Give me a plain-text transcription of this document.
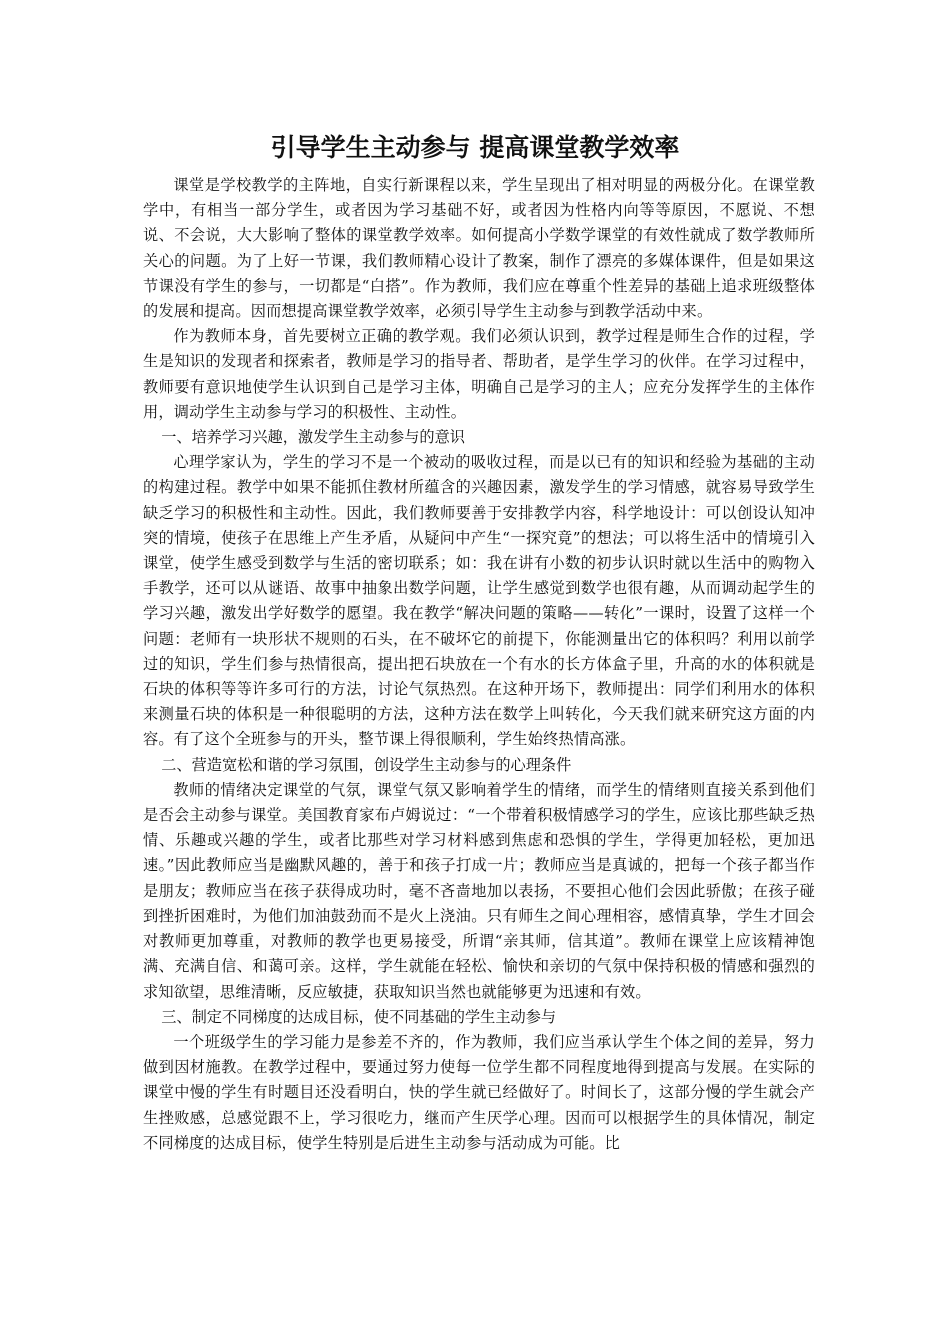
引导学生主动参与 提高课堂教学效率

课堂是学校教学的主阵地，自实行新课程以来，学生呈现出了相对明显的两极分化。在课堂教学中，有相当一部分学生，或者因为学习基础不好，或者因为性格内向等等原因，不愿说、不想说、不会说，大大影响了整体的课堂教学效率。如何提高小学数学课堂的有效性就成了数学教师所关心的问题。为了上好一节课，我们教师精心设计了教案，制作了漂亮的多媒体课件，但是如果这节课没有学生的参与，一切都是“白搭”。作为教师，我们应在尊重个性差异的基础上追求班级整体的发展和提高。因而想提高课堂教学效率，必须引导学生主动参与到教学活动中来。

作为教师本身，首先要树立正确的教学观。我们必须认识到，教学过程是师生合作的过程，学生是知识的发现者和探索者，教师是学习的指导者、帮助者，是学生学习的伙伴。在学习过程中，教师要有意识地使学生认识到自己是学习主体，明确自己是学习的主人；应充分发挥学生的主体作用，调动学生主动参与学习的积极性、主动性。

一、培养学习兴趣，激发学生主动参与的意识

心理学家认为，学生的学习不是一个被动的吸收过程，而是以已有的知识和经验为基础的主动的构建过程。教学中如果不能抓住教材所蕴含的兴趣因素，激发学生的学习情感，就容易导致学生缺乏学习的积极性和主动性。因此，我们教师要善于安排教学内容，科学地设计：可以创设认知冲突的情境，使孩子在思维上产生矛盾，从疑问中产生“一探究竟”的想法；可以将生活中的情境引入课堂，使学生感受到数学与生活的密切联系；如：我在讲有小数的初步认识时就以生活中的购物入手教学，还可以从谜语、故事中抽象出数学问题，让学生感觉到数学也很有趣，从而调动起学生的学习兴趣，激发出学好数学的愿望。我在教学“解决问题的策略——转化”一课时，设置了这样一个问题：老师有一块形状不规则的石头，在不破坏它的前提下，你能测量出它的体积吗？利用以前学过的知识，学生们参与热情很高，提出把石块放在一个有水的长方体盒子里，升高的水的体积就是石块的体积等等许多可行的方法，讨论气氛热烈。在这种开场下，教师提出：同学们利用水的体积来测量石块的体积是一种很聪明的方法，这种方法在数学上叫转化，今天我们就来研究这方面的内容。有了这个全班参与的开头，整节课上得很顺利，学生始终热情高涨。

二、营造宽松和谐的学习氛围，创设学生主动参与的心理条件

教师的情绪决定课堂的气氛，课堂气氛又影响着学生的情绪，而学生的情绪则直接关系到他们是否会主动参与课堂。美国教育家布卢姆说过：“一个带着积极情感学习的学生，应该比那些缺乏热情、乐趣或兴趣的学生，或者比那些对学习材料感到焦虑和恐惧的学生，学得更加轻松，更加迅速。”因此教师应当是幽默风趣的，善于和孩子打成一片；教师应当是真诚的，把每一个孩子都当作是朋友；教师应当在孩子获得成功时，毫不吝啬地加以表扬，不要担心他们会因此骄傲；在孩子碰到挫折困难时，为他们加油鼓劲而不是火上浇油。只有师生之间心理相容，感情真挚，学生才回会对教师更加尊重，对教师的教学也更易接受，所谓“亲其师，信其道”。教师在课堂上应该精神饱满、充满自信、和蔼可亲。这样，学生就能在轻松、愉快和亲切的气氛中保持积极的情感和强烈的求知欲望，思维清晰，反应敏捷，获取知识当然也就能够更为迅速和有效。

三、制定不同梯度的达成目标，使不同基础的学生主动参与

一个班级学生的学习能力是参差不齐的，作为教师，我们应当承认学生个体之间的差异，努力做到因材施教。在教学过程中，要通过努力使每一位学生都不同程度地得到提高与发展。在实际的课堂中慢的学生有时题目还没看明白，快的学生就已经做好了。时间长了，这部分慢的学生就会产生挫败感，总感觉跟不上，学习很吃力，继而产生厌学心理。因而可以根据学生的具体情况，制定不同梯度的达成目标，使学生特别是后进生主动参与活动成为可能。比
